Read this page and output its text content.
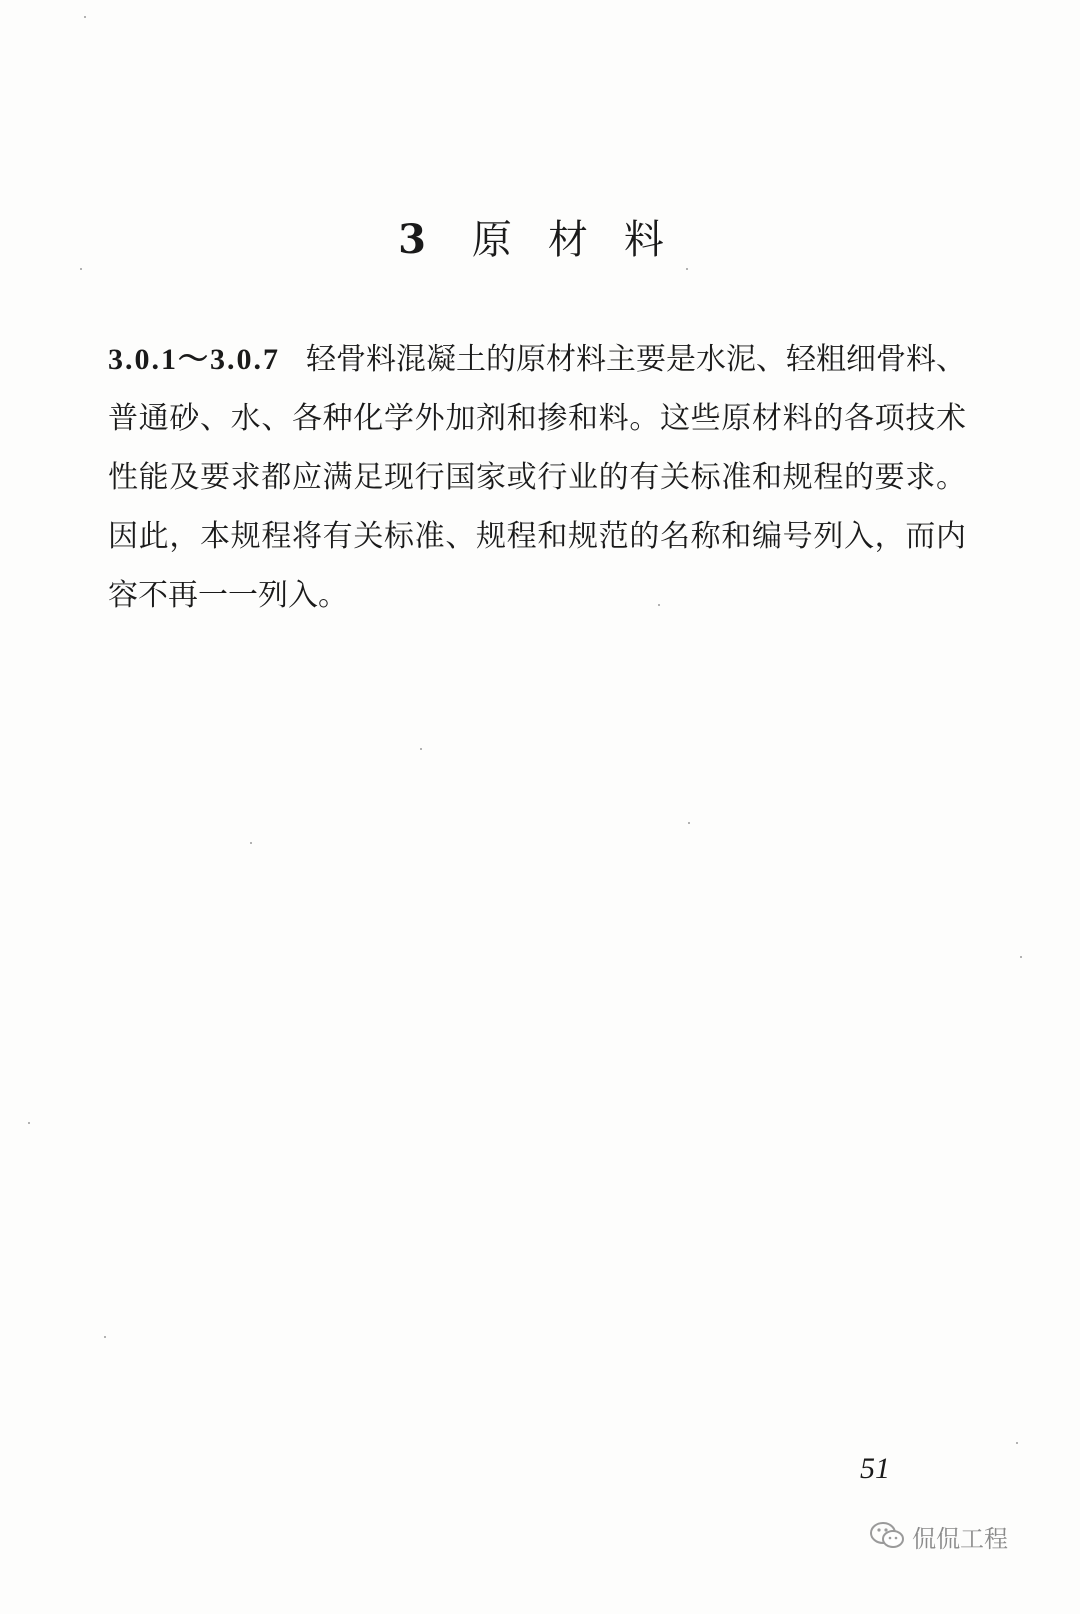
3 原 材 料
3.0.1～3.0.7 轻骨料混凝土的原材料主要是水泥、轻粗细骨料、普通砂、水、各种化学外加剂和掺和料。这些原材料的各项技术性能及要求都应满足现行国家或行业的有关标准和规程的要求。因此，本规程将有关标准、规程和规范的名称和编号列入，而内容不再一一列入。
51
侃侃工程
